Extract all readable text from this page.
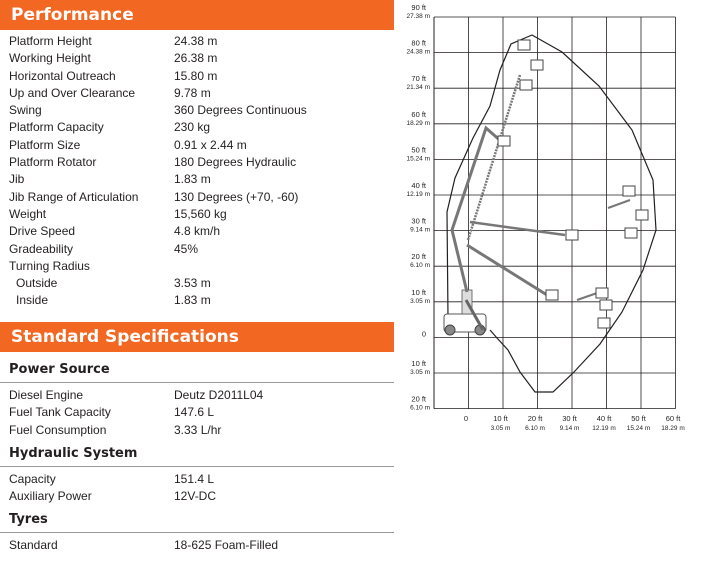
Performance
Platform Height	24.38 m
Working Height	26.38 m
Horizontal Outreach	15.80 m
Up and Over Clearance	9.78 m
Swing	360 Degrees Continuous
Platform Capacity	230 kg
Platform Size	0.91 x 2.44 m
Platform Rotator	180 Degrees Hydraulic
Jib	1.83 m
Jib Range of Articulation	130 Degrees (+70, -60)
Weight	15,560 kg
Drive Speed	4.8 km/h
Gradeability	45%
Turning Radius
Outside	3.53 m
Inside	1.83 m
Standard Specifications
Power Source
Diesel Engine	Deutz D2011L04
Fuel Tank Capacity	147.6 L
Fuel Consumption	3.33 L/hr
Hydraulic System
Capacity	151.4 L
Auxiliary Power	12V-DC
Tyres
Standard	18-625 Foam-Filled
90 ft
27.38 m
80 ft
24.38 m
70 ft
21.34 m
60 ft
18.29 m
50 ft
15.24 m
40 ft
12.19 m
30 ft
9.14 m
20 ft
6.10 m
10 ft
3.05 m
0
10 ft
3.05 m
20 ft
6.10 m
0	10 ft
3.05 m
20 ft
6.10 m
30 ft
9.14 m
40 ft
12.19 m
50 ft
15.24 m
60 ft
18.29 m
